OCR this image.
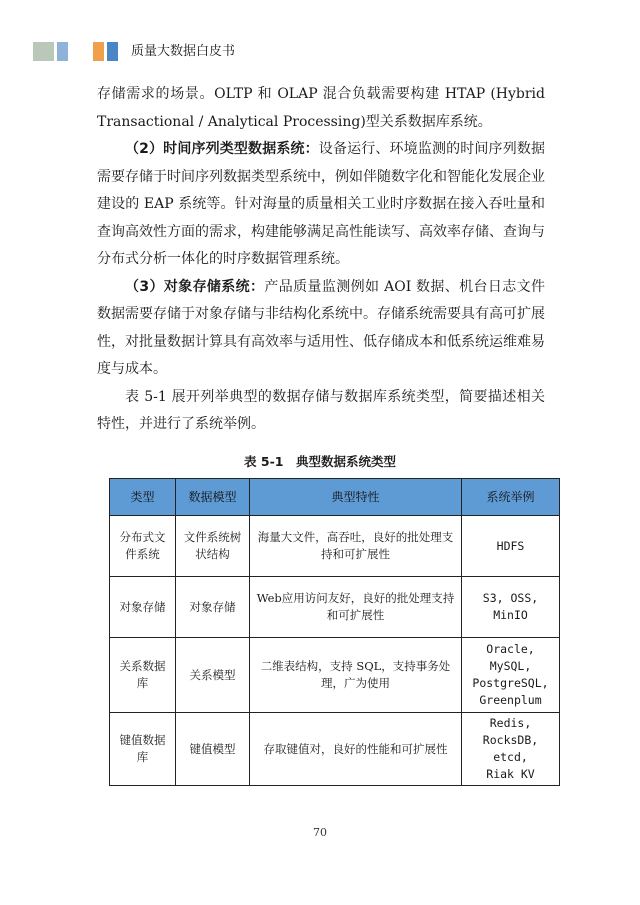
质量大数据白皮书

存储需求的场景。OLTP 和 OLAP 混合负载需要构建 HTAP (Hybrid Transactional / Analytical Processing)型关系数据库系统。

（2）时间序列类型数据系统：设备运行、环境监测的时间序列数据需要存储于时间序列数据类型系统中，例如伴随数字化和智能化发展企业建设的 EAP 系统等。针对海量的质量相关工业时序数据在接入吞吐量和查询高效性方面的需求，构建能够满足高性能读写、高效率存储、查询与分布式分析一体化的时序数据管理系统。

（3）对象存储系统：产品质量监测例如 AOI 数据、机台日志文件数据需要存储于对象存储与非结构化系统中。存储系统需要具有高可扩展性，对批量数据计算具有高效率与适用性、低存储成本和低系统运维难易度与成本。

表 5-1 展开列举典型的数据存储与数据库系统类型，简要描述相关特性，并进行了系统举例。

表 5-1　典型数据系统类型
类型	数据模型	典型特性	系统举例
分布式文件系统	文件系统树状结构	海量大文件，高吞吐，良好的批处理支持和可扩展性	HDFS

对象存储	对象存储	Web应用访问友好，良好的批处理支持和可扩展性	S3, OSS,
MinIO

关系数据库	关系模型	二维表结构，支持 SQL，支持事务处理，广为使用	Oracle,
MySQL,
PostgreSQL,
Greenplum

键值数据库	键值模型	存取键值对，良好的性能和可扩展性	Redis,
RocksDB,
etcd,
Riak KV
70
